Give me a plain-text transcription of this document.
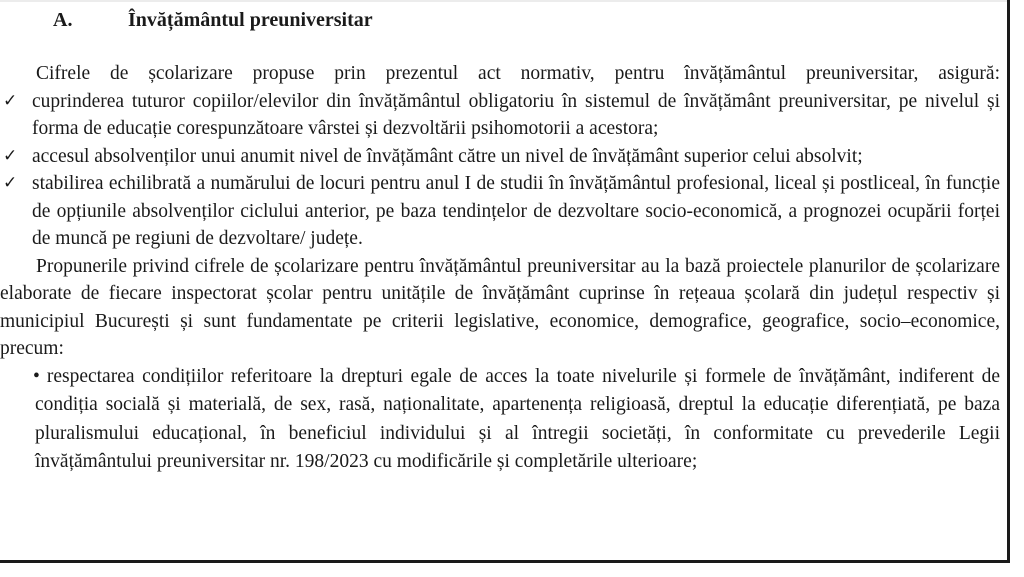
A.	Învățământul preuniversitar

Cifrele de școlarizare propuse prin prezentul act normativ, pentru învățământul preuniversitar, asigură:

✓ cuprinderea tuturor copiilor/elevilor din învățământul obligatoriu în sistemul de învățământ preuniversitar, pe nivelul și forma de educație corespunzătoare vârstei și dezvoltării psihomotorii a acestora;
✓ accesul absolvenților unui anumit nivel de învățământ către un nivel de învățământ superior celui absolvit;
✓ stabilirea echilibrată a numărului de locuri pentru anul I de studii în învățământul profesional, liceal și postliceal, în funcție de opțiunile absolvenților ciclului anterior, pe baza tendințelor de dezvoltare socio-economică, a prognozei ocupării forței de muncă pe regiuni de dezvoltare/ județe.

Propunerile privind cifrele de școlarizare pentru învățământul preuniversitar au la bază proiectele planurilor de școlarizare elaborate de fiecare inspectorat școlar pentru unitățile de învățământ cuprinse în rețeaua școlară din județul respectiv și municipiul București și sunt fundamentate pe criterii legislative, economice, demografice, geografice, socio–economice, precum:

• respectarea condițiilor referitoare la drepturi egale de acces la toate nivelurile și formele de învățământ, indiferent de condiția socială și materială, de sex, rasă, naționalitate, apartenența religioasă, dreptul la educație diferențiată, pe baza pluralismului educațional, în beneficiul individului și al întregii societăți, în conformitate cu prevederile Legii învățământului preuniversitar nr. 198/2023 cu modificările și completările ulterioare;
